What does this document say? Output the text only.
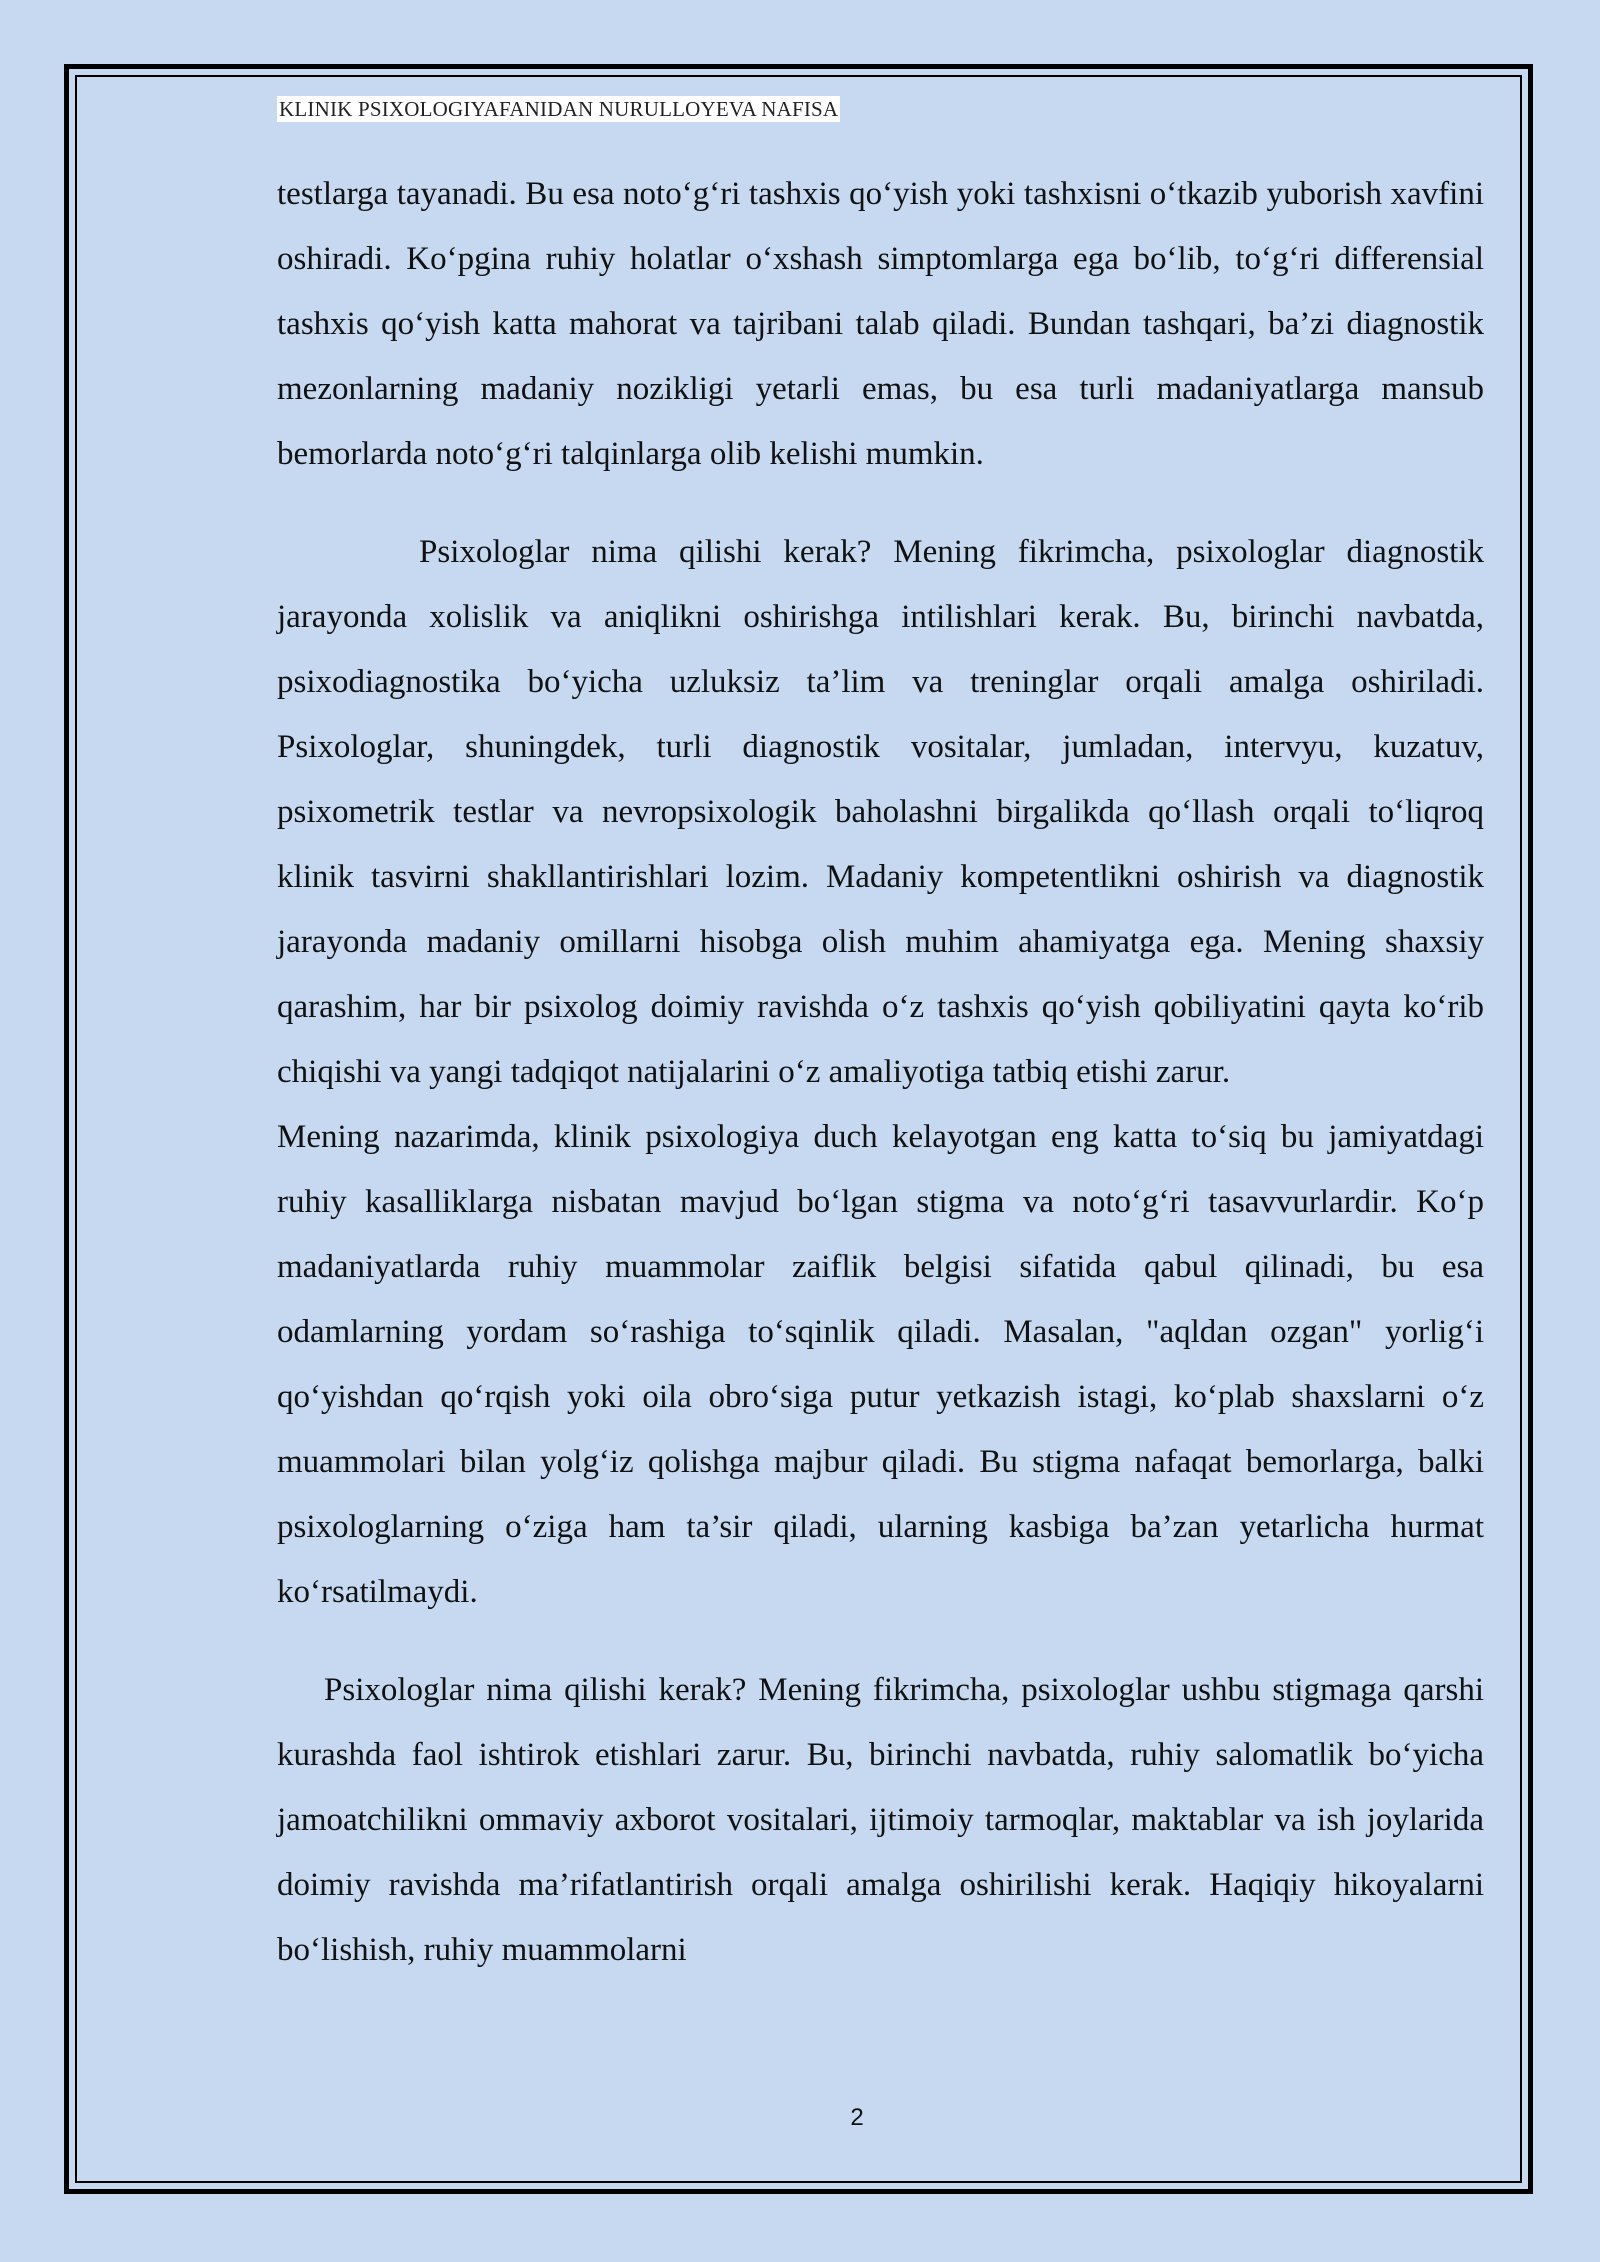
KLINIK PSIXOLOGIYAFANIDAN NURULLOYEVA NAFISA

testlarga tayanadi. Bu esa noto‘g‘ri tashxis qo‘yish yoki tashxisni o‘tkazib yuborish xavfini oshiradi. Ko‘pgina ruhiy holatlar o‘xshash simptomlarga ega bo‘lib, to‘g‘ri differensial tashxis qo‘yish katta mahorat va tajribani talab qiladi. Bundan tashqari, ba’zi diagnostik mezonlarning madaniy nozikligi yetarli emas, bu esa turli madaniyatlarga mansub bemorlarda noto‘g‘ri talqinlarga olib kelishi mumkin.

Psixologlar nima qilishi kerak? Mening fikrimcha, psixologlar diagnostik jarayonda xolislik va aniqlikni oshirishga intilishlari kerak. Bu, birinchi navbatda, psixodiagnostika bo‘yicha uzluksiz ta’lim va treninglar orqali amalga oshiriladi. Psixologlar, shuningdek, turli diagnostik vositalar, jumladan, intervyu, kuzatuv, psixometrik testlar va nevropsixologik baholashni birgalikda qo‘llash orqali to‘liqroq klinik tasvirni shakllantirishlari lozim. Madaniy kompetentlikni oshirish va diagnostik jarayonda madaniy omillarni hisobga olish muhim ahamiyatga ega. Mening shaxsiy qarashim, har bir psixolog doimiy ravishda o‘z tashxis qo‘yish qobiliyatini qayta ko‘rib chiqishi va yangi tadqiqot natijalarini o‘z amaliyotiga tatbiq etishi zarur.

Mening nazarimda, klinik psixologiya duch kelayotgan eng katta to‘siq bu jamiyatdagi ruhiy kasalliklarga nisbatan mavjud bo‘lgan stigma va noto‘g‘ri tasavvurlardir. Ko‘p madaniyatlarda ruhiy muammolar zaiflik belgisi sifatida qabul qilinadi, bu esa odamlarning yordam so‘rashiga to‘sqinlik qiladi. Masalan, "aqldan ozgan" yorlig‘i qo‘yishdan qo‘rqish yoki oila obro‘siga putur yetkazish istagi, ko‘plab shaxslarni o‘z muammolari bilan yolg‘iz qolishga majbur qiladi. Bu stigma nafaqat bemorlarga, balki psixologlarning o‘ziga ham ta’sir qiladi, ularning kasbiga ba’zan yetarlicha hurmat ko‘rsatilmaydi.

Psixologlar nima qilishi kerak? Mening fikrimcha, psixologlar ushbu stigmaga qarshi kurashda faol ishtirok etishlari zarur. Bu, birinchi navbatda, ruhiy salomatlik bo‘yicha jamoatchilikni ommaviy axborot vositalari, ijtimoiy tarmoqlar, maktablar va ish joylarida doimiy ravishda ma’rifatlantirish orqali amalga oshirilishi kerak. Haqiqiy hikoyalarni bo‘lishish, ruhiy muammolarni

2
